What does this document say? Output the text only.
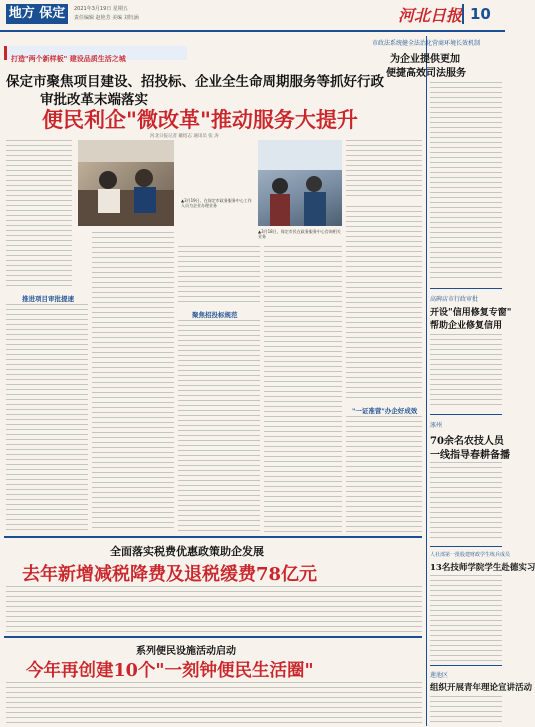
地方 保定	2021年3月19日 星期五
责任编辑 赵艳芳 美编 刘钰涵	河北日报 10
打造"两个新样板" 建设品质生活之城
保定市聚焦项目建设、招投标、企业全生命周期服务等抓好行政
审批改革末端落实
便民利企"微改革"推动服务大提升
河北日报记者 戴绍志 通讯员 张 涛
▲3月19日，在保定市政务服务中心工作人员为企业办理业务
▲3月18日，保定市民在政务服务中心咨询相关业务
推进项目审批提速
聚焦招投标规范
"一证准营"办企好成效
市政法系统健全法治化营商环境长效机制
为企业提供更加
便捷高效司法服务
高碑店市行政审批
开设"信用修复专窗"
帮助企业修复信用
涿州
70余名农技人员
一线指导春耕备播
人社部第一批股建财政学生练兵成员
13名技师学院学生赴德实习
莲池区
组织开展青年理论宣讲活动
全面落实税费优惠政策助企发展
去年新增减税降费及退税缓费78亿元
系列便民设施活动启动
今年再创建10个"一刻钟便民生活圈"
